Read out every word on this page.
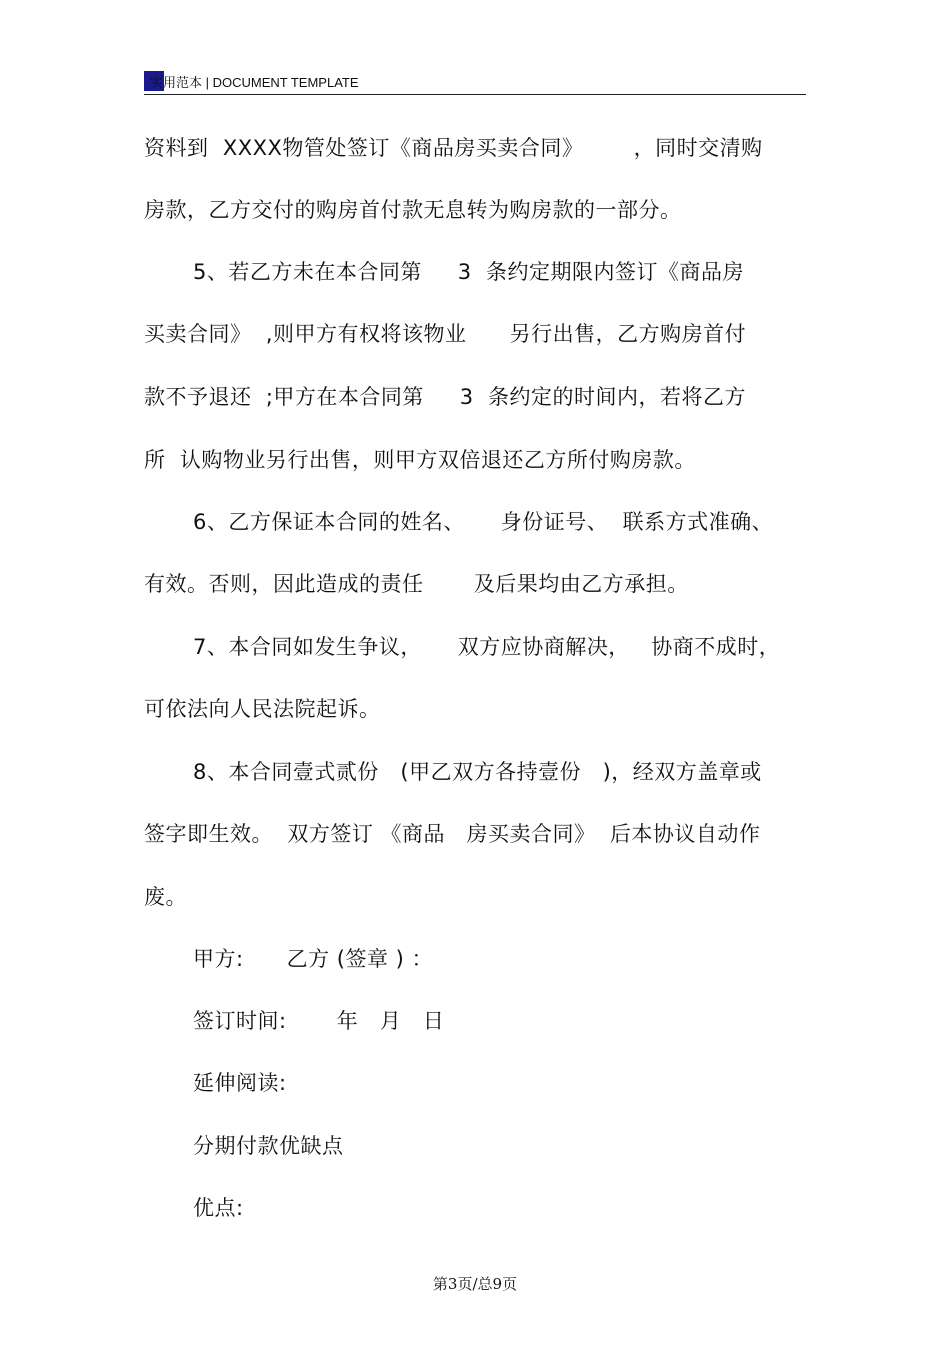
实用范本 | DOCUMENT TEMPLATE
资料到  XXXX物管处签订《商品房买卖合同》       ，同时交清购
房款，乙方交付的购房首付款无息转为购房款的一部分。
5、若乙方未在本合同第     3  条约定期限内签订《商品房
买卖合同》  ,则甲方有权将该物业      另行出售，乙方购房首付
款不予退还  ;甲方在本合同第     3  条约定的时间内，若将乙方
所  认购物业另行出售，则甲方双倍退还乙方所付购房款。
6、乙方保证本合同的姓名、     身份证号、  联系方式准确、
有效。否则，因此造成的责任       及后果均由乙方承担。
7、本合同如发生争议，     双方应协商解决，   协商不成时，
可依法向人民法院起诉。
8、本合同壹式贰份   (甲乙双方各持壹份   )，经双方盖章或
签字即生效。  双方签订 《商品   房买卖合同》  后本协议自动作
废。
甲方:      乙方 (签章 ) ：
签订时间:       年   月   日
延伸阅读:
分期付款优缺点
优点:
第3页/总9页
